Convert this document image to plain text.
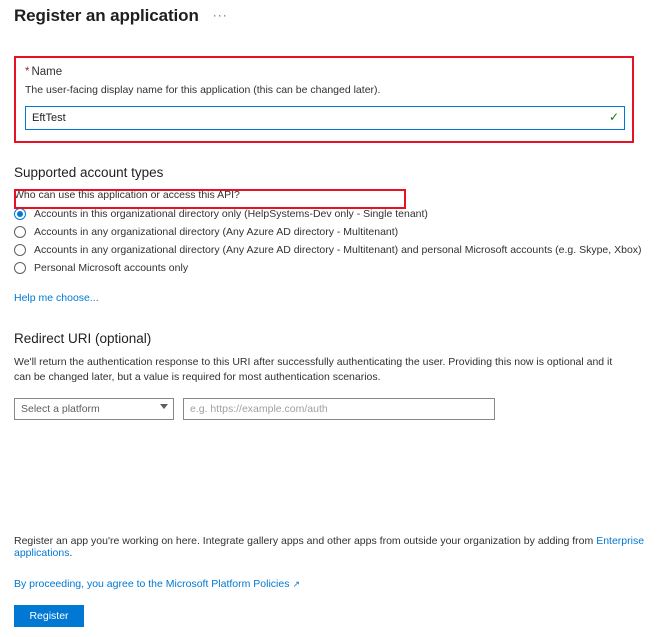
Register an application ···
* Name
The user-facing display name for this application (this can be changed later).
EftTest
✓
Supported account types
Who can use this application or access this API?
Accounts in this organizational directory only (HelpSystems-Dev only - Single tenant)
Accounts in any organizational directory (Any Azure AD directory - Multitenant)
Accounts in any organizational directory (Any Azure AD directory - Multitenant) and personal Microsoft accounts (e.g. Skype, Xbox)
Personal Microsoft accounts only
Help me choose...
Redirect URI (optional)
We'll return the authentication response to this URI after successfully authenticating the user. Providing this now is optional and it can be changed later, but a value is required for most authentication scenarios.
Select a platform
e.g. https://example.com/auth
Register an app you're working on here. Integrate gallery apps and other apps from outside your organization by adding from Enterprise applications.
By proceeding, you agree to the Microsoft Platform Policies ↗
Register
